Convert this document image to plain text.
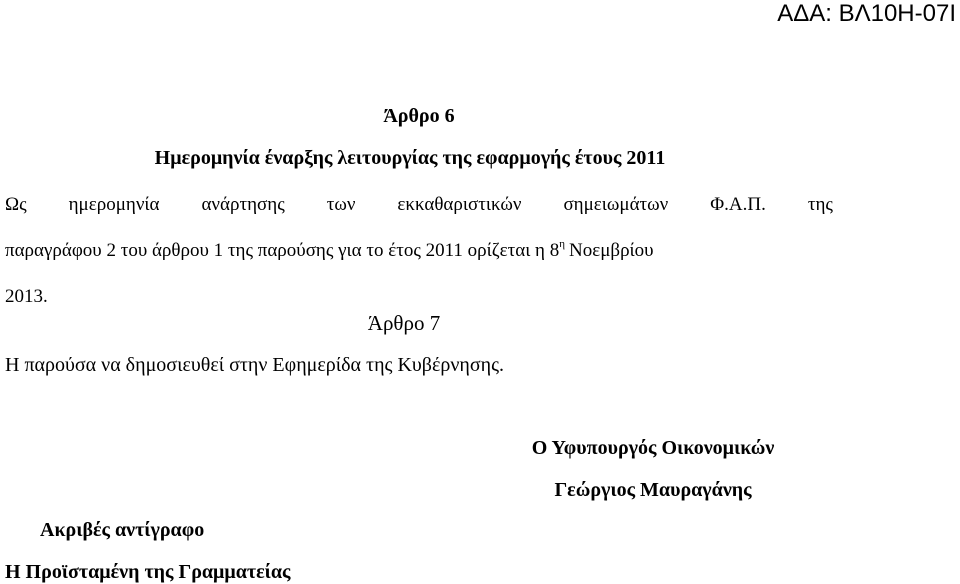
ΑΔΑ: ΒΛ10Η-07Ι
Άρθρο 6
Ημερομηνία έναρξης λειτουργίας της εφαρμογής έτους 2011
Ως ημερομηνία ανάρτησης των εκκαθαριστικών σημειωμάτων Φ.Α.Π. της
παραγράφου 2 του άρθρου 1 της παρούσης για το έτος 2011 ορίζεται η $8^\eta$ Νοεμβρίου
2013.
Άρθρο 7
Η παρούσα να δημοσιευθεί στην Εφημερίδα της Κυβέρνησης.
Ο Υφυπουργός Οικονομικών
Γεώργιος Μαυραγάνης
Ακριβές αντίγραφο
Η Προϊσταμένη της Γραμματείας
